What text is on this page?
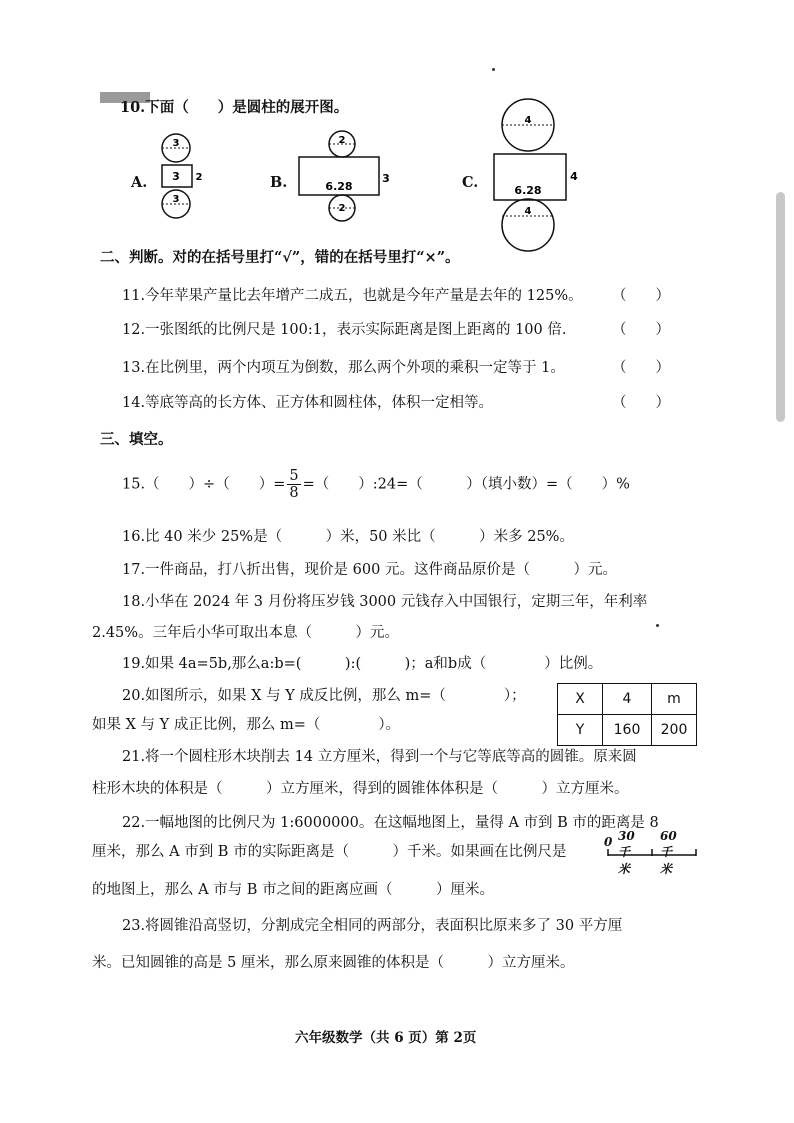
10.下面（　　）是圆柱的展开图。
A.
3
3 2
3
B.
2
6.28
3
2
C.
4
6.28
4
4
二、判断。对的在括号里打“√”，错的在括号里打“×”。
11.今年苹果产量比去年增产二成五，也就是今年产量是去年的 125%。 （　　）
12.一张图纸的比例尺是 100:1，表示实际距离是图上距离的 100 倍.	（　　）
13.在比例里，两个内项互为倒数，那么两个外项的乘积一定等于 1。	（　　）
14.等底等高的长方体、正方体和圆柱体，体积一定相等。	（　　）
三、填空。
15.（　　）÷（　　）= $\frac{5}{8}$ =（　　）:24=（　　　）（填小数）=（　　）%
16.比 40 米少 25%是（　　　）米，50 米比（　　　）米多 25%。
17.一件商品，打八折出售，现价是 600 元。这件商品原价是（　　　）元。
18.小华在 2024 年 3 月份将压岁钱 3000 元钱存入中国银行，定期三年，年利率
2.45%。三年后小华可取出本息（　　　）元。
19.如果 4a=5b,那么a:b=(　　　):(　　　)；a和b成（　　　　）比例。
20.如图所示，如果 X 与 Y 成反比例，那么 m=（　　　　）；
如果 X 与 Y 成正比例，那么 m=（　　　　）。
X	4	m
Y	160	200
21.将一个圆柱形木块削去 14 立方厘米，得到一个与它等底等高的圆锥。原来圆
柱形木块的体积是（　　　）立方厘米，得到的圆锥体体积是（　　　）立方厘米。
22.一幅地图的比例尺为 1:6000000。在这幅地图上，量得 A 市到 B 市的距离是 8
厘米，那么 A 市到 B 市的实际距离是（　　　）千米。如果画在比例尺是
0 30千米
60千米
的地图上，那么 A 市与 B 市之间的距离应画（　　　）厘米。
23.将圆锥沿高竖切，分割成完全相同的两部分，表面积比原来多了 30 平方厘
米。已知圆锥的高是 5 厘米，那么原来圆锥的体积是（　　　）立方厘米。
六年级数学（共 6 页）第 2页
